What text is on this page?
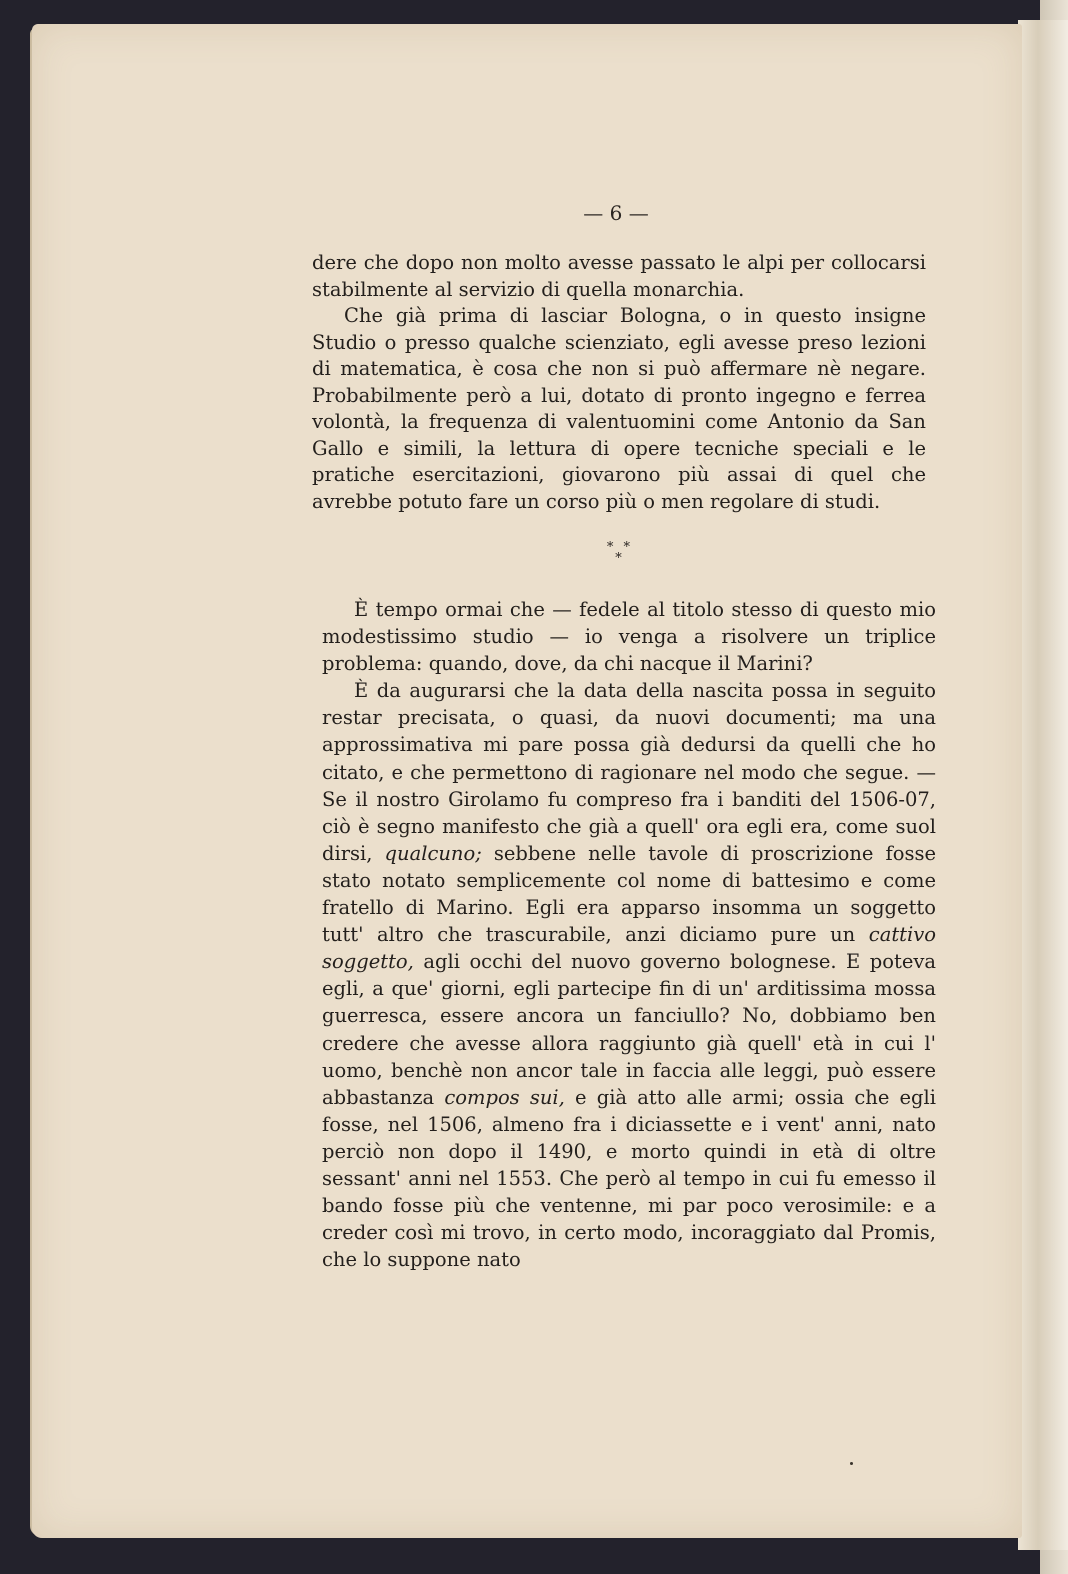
— 6 —

dere che dopo non molto avesse passato le alpi per collocarsi stabilmente al servizio di quella monarchia.

Che già prima di lasciar Bologna, o in questo insigne Studio o presso qualche scienziato, egli avesse preso lezioni di matematica, è cosa che non si può affermare nè negare. Probabilmente però a lui, dotato di pronto ingegno e ferrea volontà, la frequenza di valentuomini come Antonio da San Gallo e simili, la lettura di opere tecniche speciali e le pratiche esercitazioni, giovarono più assai di quel che avrebbe potuto fare un corso più o men regolare di studi.

* * *

È tempo ormai che — fedele al titolo stesso di questo mio modestissimo studio — io venga a risolvere un triplice problema: quando, dove, da chi nacque il Marini?

È da augurarsi che la data della nascita possa in seguito restar precisata, o quasi, da nuovi documenti; ma una approssimativa mi pare possa già dedursi da quelli che ho citato, e che permettono di ragionare nel modo che segue. — Se il nostro Girolamo fu compreso fra i banditi del 1506-07, ciò è segno manifesto che già a quell' ora egli era, come suol dirsi, qualcuno; sebbene nelle tavole di proscrizione fosse stato notato semplicemente col nome di battesimo e come fratello di Marino. Egli era apparso insomma un soggetto tutt' altro che trascurabile, anzi diciamo pure un cattivo soggetto, agli occhi del nuovo governo bolognese. E poteva egli, a que' giorni, egli partecipe fin di un' arditissima mossa guerresca, essere ancora un fanciullo? No, dobbiamo ben credere che avesse allora raggiunto già quell' età in cui l' uomo, benchè non ancor tale in faccia alle leggi, può essere abbastanza compos sui, e già atto alle armi; ossia che egli fosse, nel 1506, almeno fra i diciassette e i vent' anni, nato perciò non dopo il 1490, e morto quindi in età di oltre sessant' anni nel 1553. Che però al tempo in cui fu emesso il bando fosse più che ventenne, mi par poco verosimile: e a creder così mi trovo, in certo modo, incoraggiato dal Promis, che lo suppone nato
